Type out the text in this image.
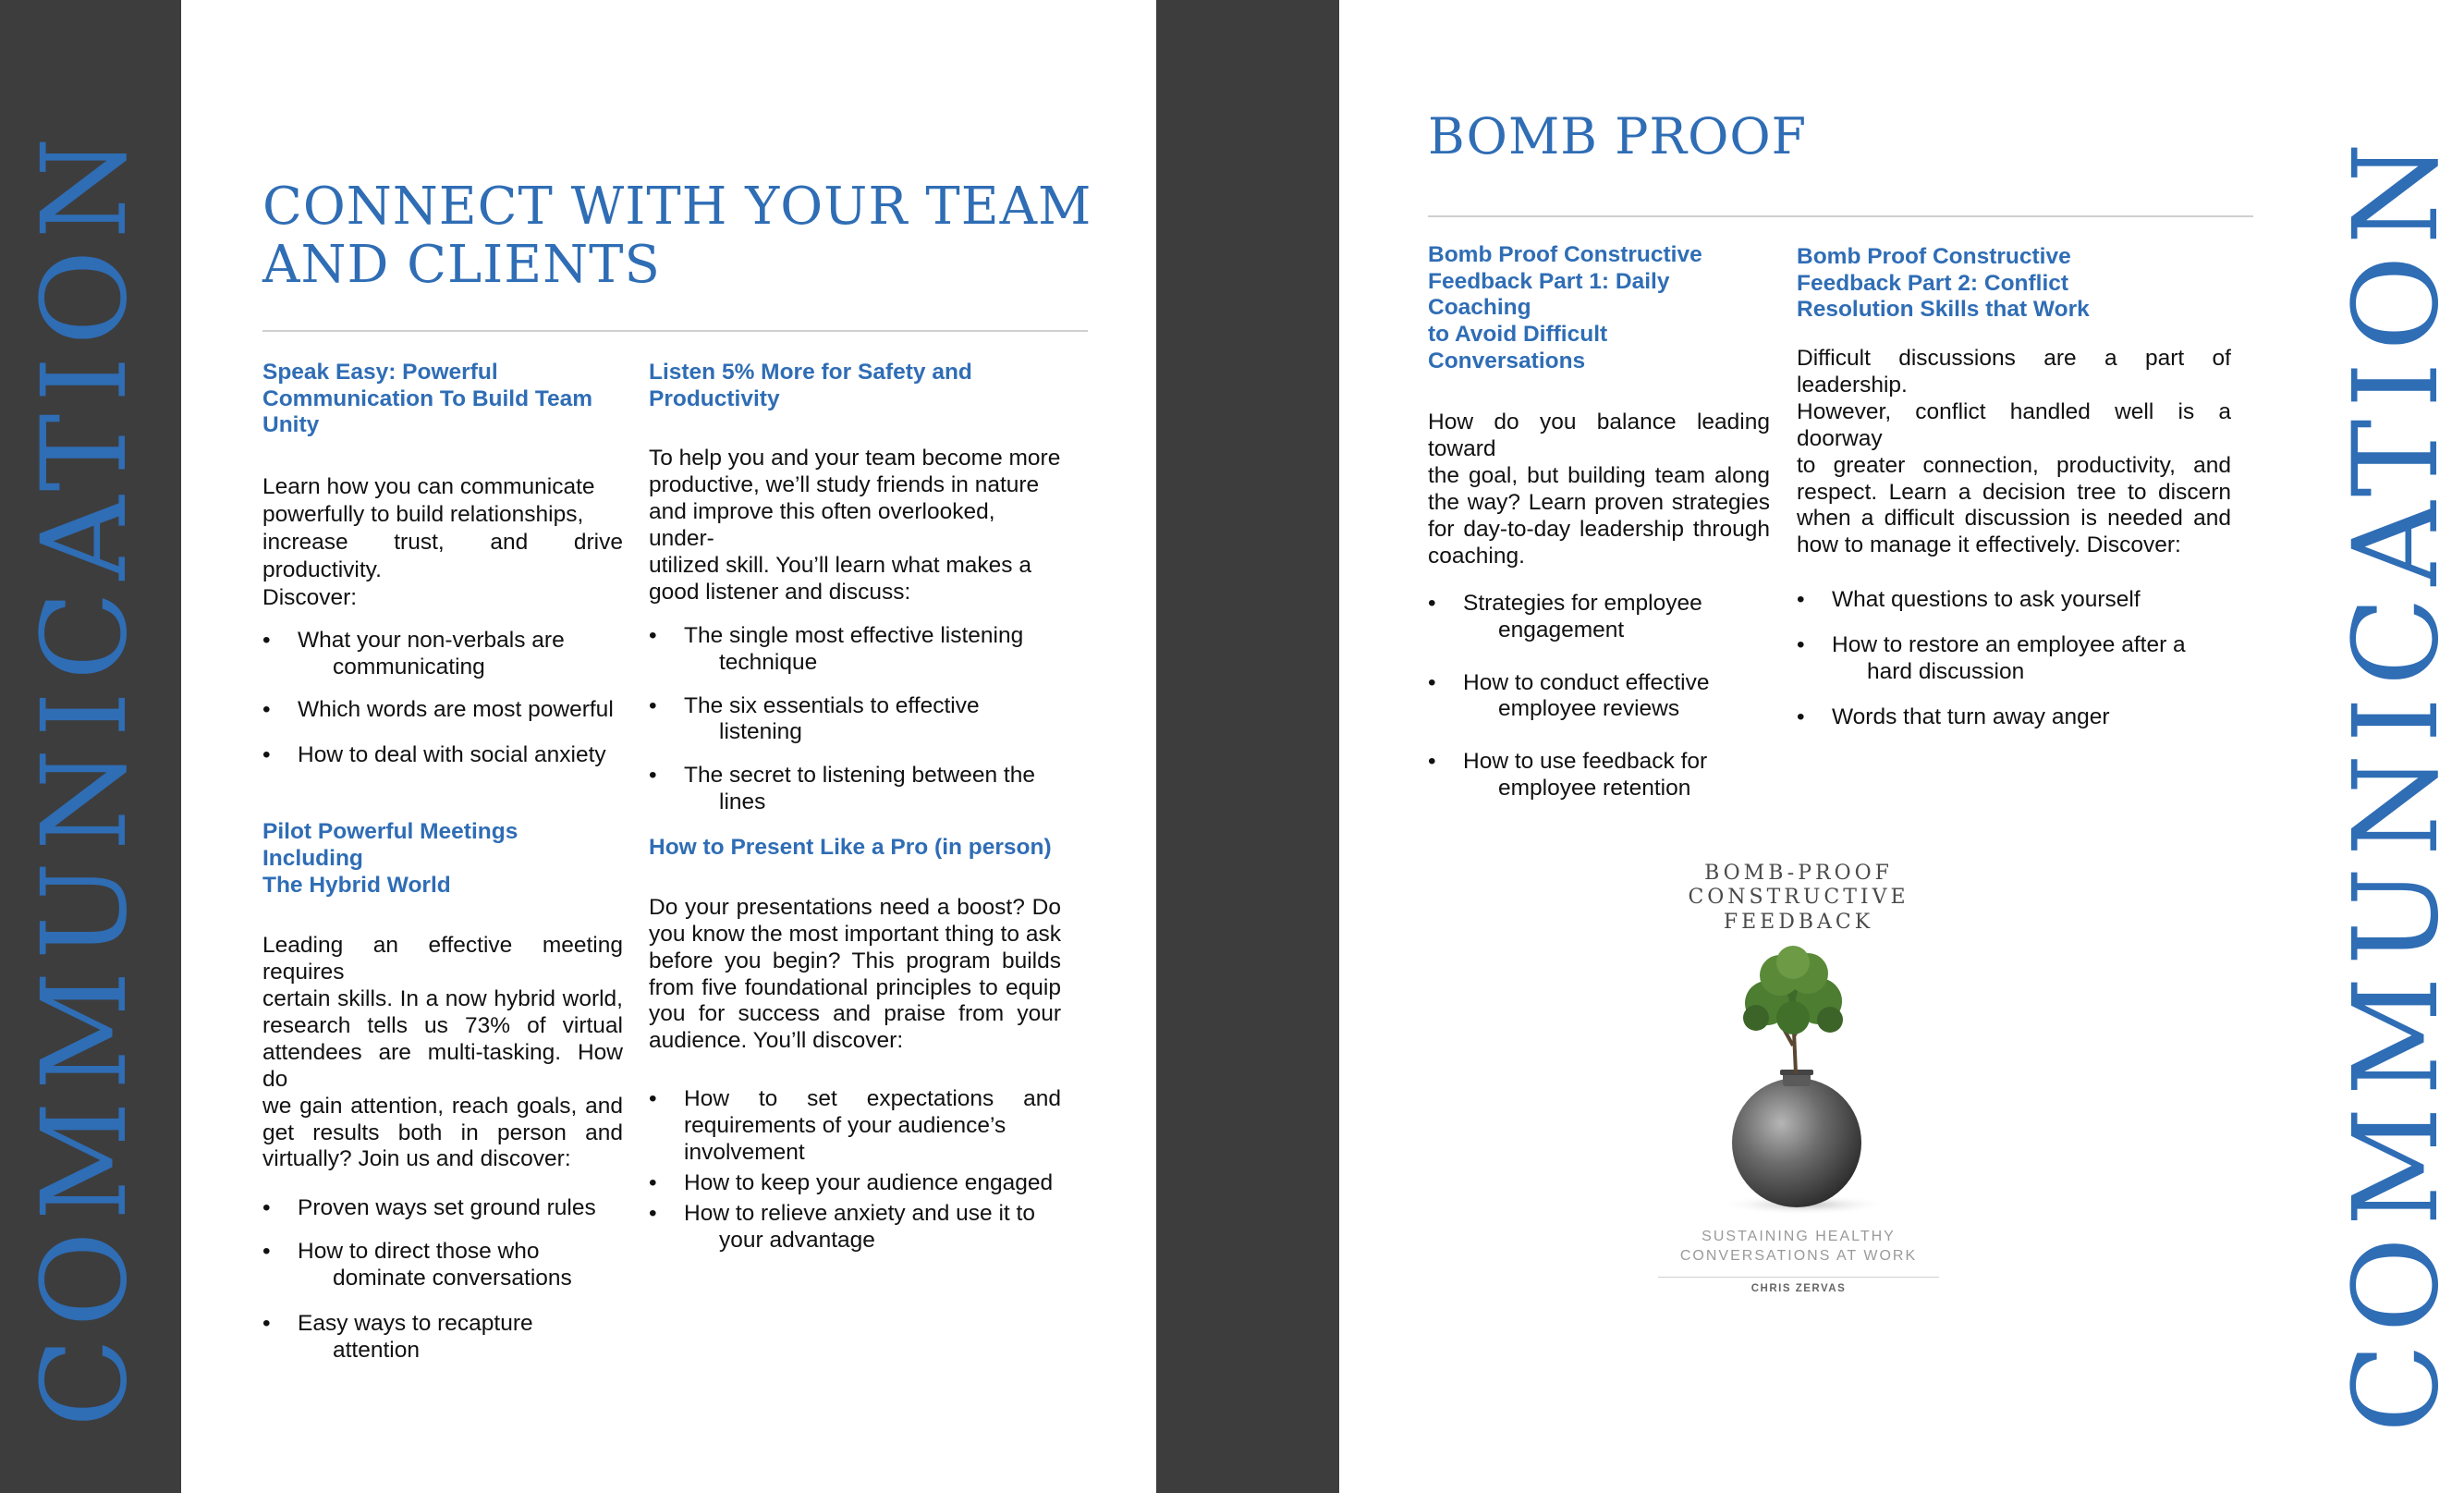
COMMUNICATION CONNECT WITH YOUR TEAM
AND CLIENTS
Speak Easy: Powerful
Communication To Build Team
Unity
Learn how you can communicate
powerfully to build relationships,
increase trust, and drive productivity.
Discover:
• What your non-verbals are
communicating
• Which words are most powerful
• How to deal with social anxiety
Pilot Powerful Meetings Including
The Hybrid World
Leading an effective meeting requires
certain skills. In a now hybrid world,
research tells us 73% of virtual
attendees are multi-tasking. How do
we gain attention, reach goals, and
get results both in person and
virtually? Join us and discover:
• Proven ways set ground rules
• How to direct those who
dominate conversations
• Easy ways to recapture
attention
Listen 5% More for Safety and
Productivity
To help you and your team become more
productive, we’ll study friends in nature
and improve this often overlooked, under-
utilized skill. You’ll learn what makes a
good listener and discuss:
• The single most effective listening
technique
• The six essentials to effective
listening
• The secret to listening between the
lines
How to Present Like a Pro (in person)
Do your presentations need a boost? Do
you know the most important thing to ask
before you begin? This program builds
from five foundational principles to equip
you for success and praise from your
audience. You’ll discover:
• How to set expectations and
requirements of your audience’s
involvement
• How to keep your audience engaged
• How to relieve anxiety and use it to
your advantage	COMMUNICATION
BOMB PROOF
Bomb Proof Constructive
Feedback Part 1: Daily Coaching
to Avoid Difficult Conversations
How do you balance leading toward
the goal, but building team along
the way? Learn proven strategies
for day-to-day leadership through
coaching.
• Strategies for employee
engagement
• How to conduct effective
employee reviews
• How to use feedback for
employee retention
Bomb Proof Constructive
Feedback Part 2: Conflict
Resolution Skills that Work
Difficult discussions are a part of leadership.
However, conflict handled well is a doorway
to greater connection, productivity, and
respect. Learn a decision tree to discern
when a difficult discussion is needed and
how to manage it effectively. Discover:
• What questions to ask yourself
• How to restore an employee after a
hard discussion
• Words that turn away anger
BOMB-PROOF
CONSTRUCTIVE
FEEDBACK
SUSTAINING HEALTHY
CONVERSATIONS AT WORK
CHRIS ZERVAS
